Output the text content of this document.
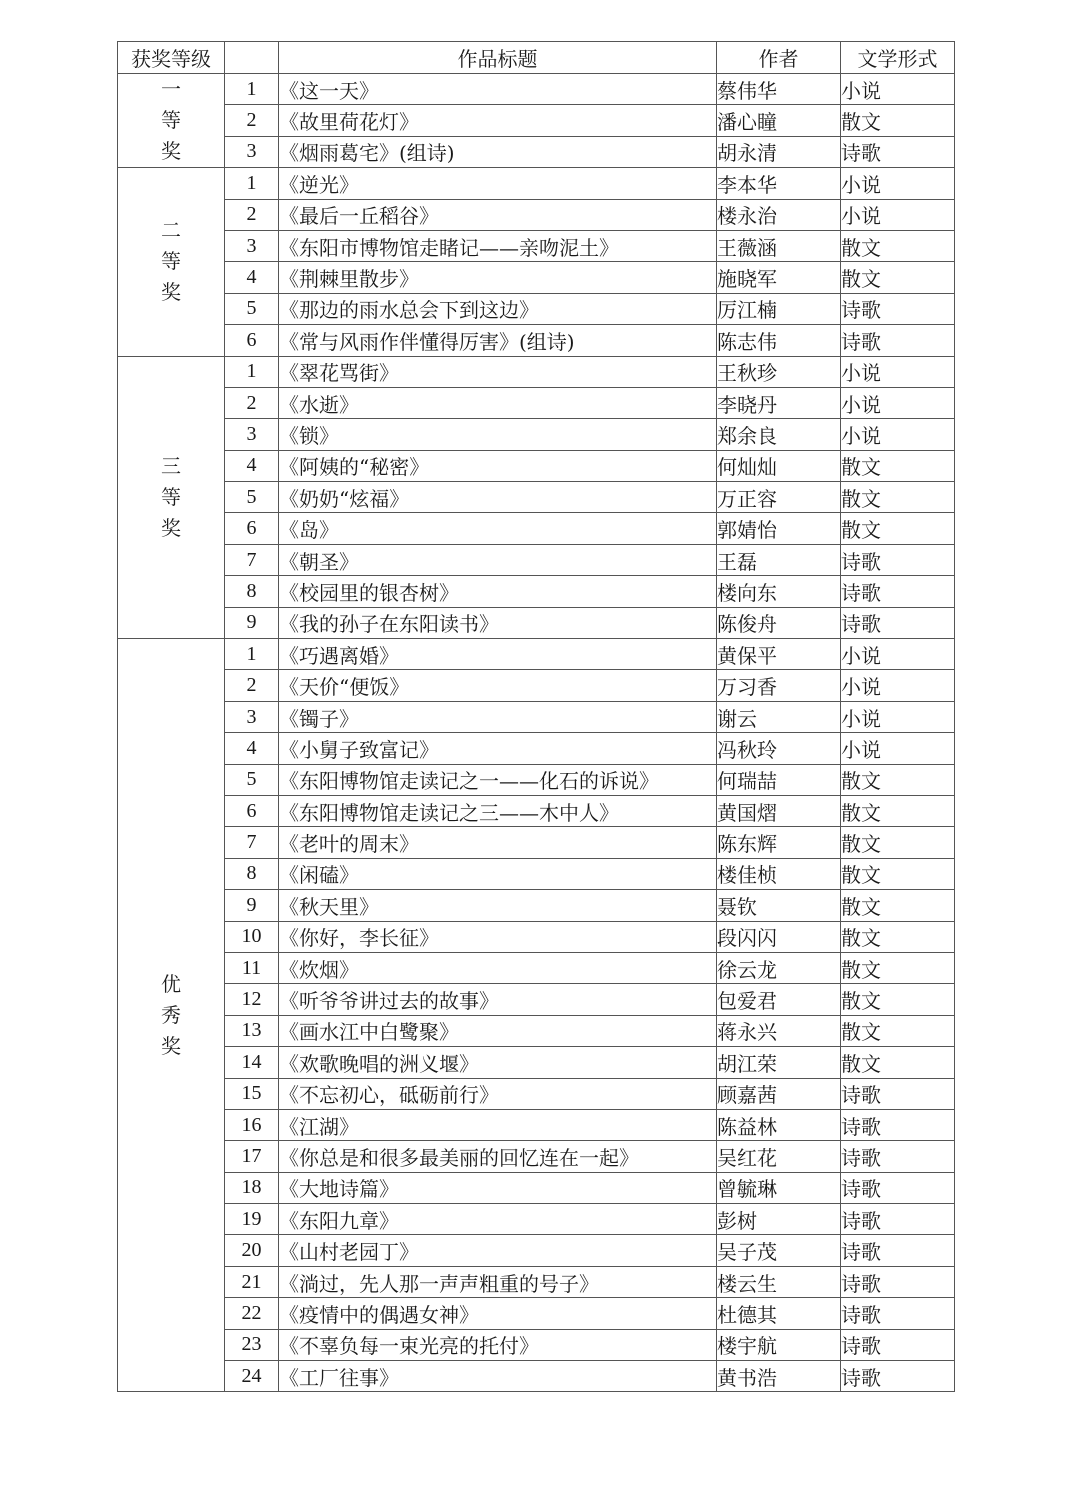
获奖等级		作品标题	作者	文学形式
一等奖	1	《这一天》	蔡伟华	小说
	2	《故里荷花灯》	潘心瞳	散文
	3	《烟雨葛宅》(组诗)	胡永清	诗歌
二等奖	1	《逆光》	李本华	小说
	2	《最后一丘稻谷》	楼永治	小说
	3	《东阳市博物馆走睹记——亲吻泥土》	王薇涵	散文
	4	《荆棘里散步》	施晓军	散文
	5	《那边的雨水总会下到这边》	厉江楠	诗歌
	6	《常与风雨作伴懂得厉害》(组诗)	陈志伟	诗歌
三等奖	1	《翠花骂街》	王秋珍	小说
	2	《水逝》	李晓丹	小说
	3	《锁》	郑余良	小说
	4	《阿姨的“秘密》	何灿灿	散文
	5	《奶奶“炫福》	万正容	散文
	6	《岛》	郭婧怡	散文
	7	《朝圣》	王磊	诗歌
	8	《校园里的银杏树》	楼向东	诗歌
	9	《我的孙子在东阳读书》	陈俊舟	诗歌
优秀奖	1	《巧遇离婚》	黄保平	小说
	2	《天价“便饭》	万习香	小说
	3	《镯子》	谢云	小说
	4	《小舅子致富记》	冯秋玲	小说
	5	《东阳博物馆走读记之一——化石的诉说》	何瑞喆	散文
	6	《东阳博物馆走读记之三——木中人》	黄国熠	散文
	7	《老叶的周末》	陈东辉	散文
	8	《闲磕》	楼佳桢	散文
	9	《秋天里》	聂钦	散文
	10	《你好，李长征》	段闪闪	散文
	11	《炊烟》	徐云龙	散文
	12	《听爷爷讲过去的故事》	包爱君	散文
	13	《画水江中白鹭聚》	蒋永兴	散文
	14	《欢歌晚唱的洲义堰》	胡江荣	散文
	15	《不忘初心，砥砺前行》	顾嘉茜	诗歌
	16	《江湖》	陈益林	诗歌
	17	《你总是和很多最美丽的回忆连在一起》	吴红花	诗歌
	18	《大地诗篇》	曾毓琳	诗歌
	19	《东阳九章》	彭树	诗歌
	20	《山村老园丁》	吴子茂	诗歌
	21	《淌过，先人那一声声粗重的号子》	楼云生	诗歌
	22	《疫情中的偶遇女神》	杜德其	诗歌
	23	《不辜负每一束光亮的托付》	楼宇航	诗歌
	24	《工厂往事》	黄书浩	诗歌
